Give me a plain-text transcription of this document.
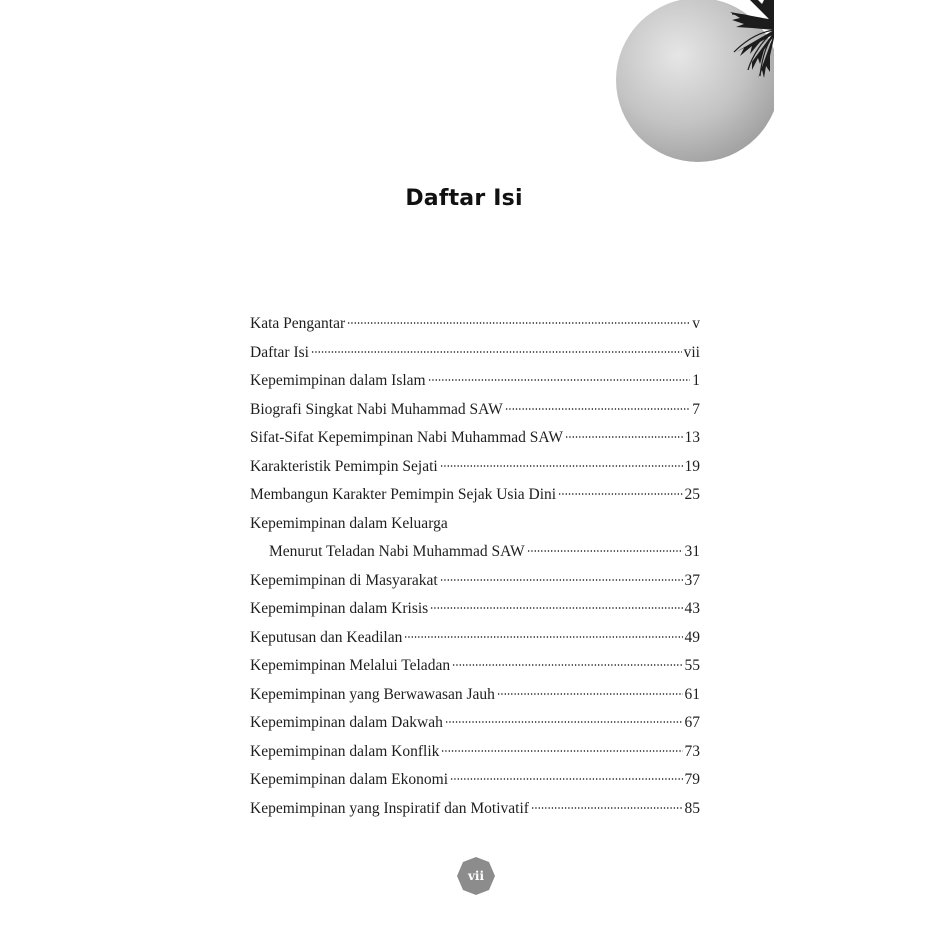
Daftar Isi
Kata Pengantar	v
Daftar Isi	vii
Kepemimpinan dalam Islam	1
Biografi Singkat Nabi Muhammad SAW	7
Sifat-Sifat Kepemimpinan Nabi Muhammad SAW	13
Karakteristik Pemimpin Sejati	19
Membangun Karakter Pemimpin Sejak Usia Dini	25
Kepemimpinan dalam Keluarga
Menurut Teladan Nabi Muhammad SAW	31
Kepemimpinan di Masyarakat	37
Kepemimpinan dalam Krisis	43
Keputusan dan Keadilan	49
Kepemimpinan Melalui Teladan	55
Kepemimpinan yang Berwawasan Jauh	61
Kepemimpinan dalam Dakwah	67
Kepemimpinan dalam Konflik	73
Kepemimpinan dalam Ekonomi	79
Kepemimpinan yang Inspiratif dan Motivatif	85
vii
